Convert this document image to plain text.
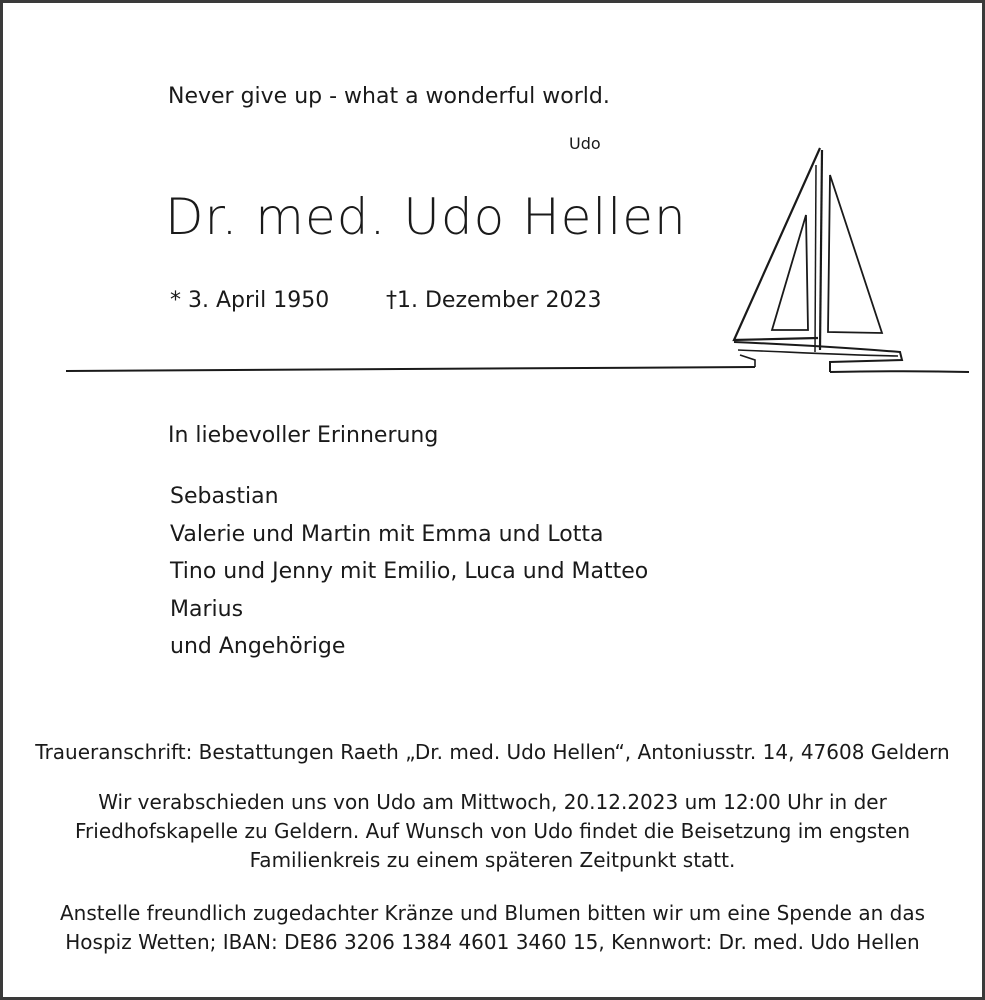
Never give up - what a wonderful world.
Udo
Dr. med. Udo Hellen
* 3. April 1950	†1. Dezember 2023
In liebevoller Erinnerung
Sebastian
Valerie und Martin mit Emma und Lotta
Tino und Jenny mit Emilio, Luca und Matteo
Marius
und Angehörige
Traueranschrift: Bestattungen Raeth „Dr. med. Udo Hellen“, Antoniusstr. 14, 47608 Geldern
Wir verabschieden uns von Udo am Mittwoch, 20.12.2023 um 12:00 Uhr in der
Friedhofskapelle zu Geldern. Auf Wunsch von Udo findet die Beisetzung im engsten
Familienkreis zu einem späteren Zeitpunkt statt.
Anstelle freundlich zugedachter Kränze und Blumen bitten wir um eine Spende an das
Hospiz Wetten; IBAN: DE86 3206 1384 4601 3460 15, Kennwort: Dr. med. Udo Hellen
